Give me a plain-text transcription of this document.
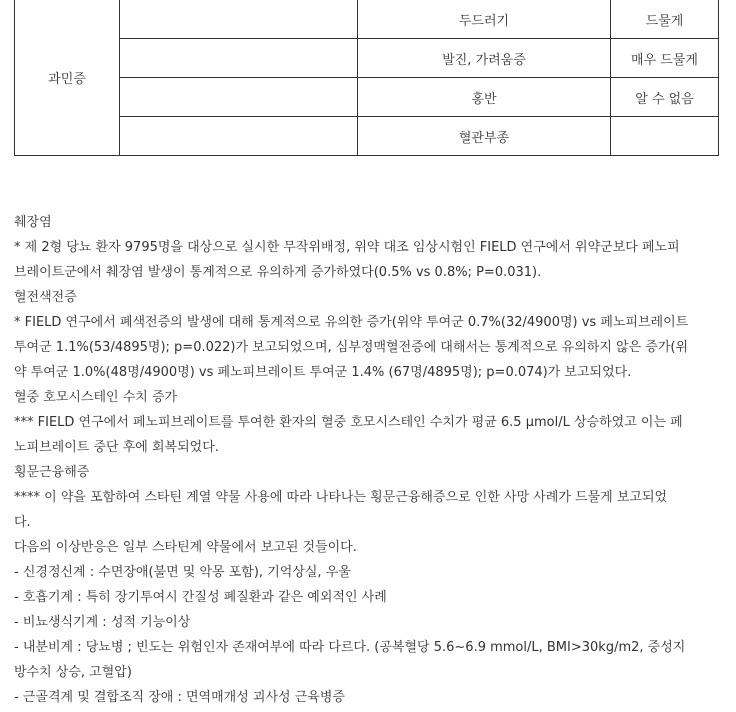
과민증		두드러기	드물게
		발진, 가려움증	매우 드물게
		홍반	알 수 없음
		혈관부종	
췌장염
* 제 2형 당뇨 환자 9795명을 대상으로 실시한 무작위배정, 위약 대조 임상시험인 FIELD 연구에서 위약군보다 페노피
브레이트군에서 췌장염 발생이 통계적으로 유의하게 증가하였다(0.5% vs 0.8%; P=0.031).
혈전색전증
* FIELD 연구에서 폐색전증의 발생에 대해 통계적으로 유의한 증가(위약 투여군 0.7%(32/4900명) vs 페노피브레이트
투여군 1.1%(53/4895명); p=0.022)가 보고되었으며, 심부정맥혈전증에 대해서는 통계적으로 유의하지 않은 증가(위
약 투여군 1.0%(48명/4900명) vs 페노피브레이트 투여군 1.4% (67명/4895명); p=0.074)가 보고되었다.
혈중 호모시스테인 수치 증가
*** FIELD 연구에서 페노피브레이트를 투여한 환자의 혈중 호모시스테인 수치가 평균 6.5 μmol/L 상승하였고 이는 페
노피브레이트 중단 후에 회복되었다.
횡문근융해증
**** 이 약을 포함하여 스타틴 계열 약물 사용에 따라 나타나는 횡문근융해증으로 인한 사망 사례가 드물게 보고되었
다.
다음의 이상반응은 일부 스타틴계 약물에서 보고된 것들이다.
- 신경정신계 : 수면장애(불면 및 악몽 포함), 기억상실, 우울
- 호흡기계 : 특히 장기투여시 간질성 폐질환과 같은 예외적인 사례
- 비뇨생식기계 : 성적 기능이상
- 내분비계 : 당뇨병 ; 빈도는 위험인자 존재여부에 따라 다르다. (공복혈당 5.6~6.9 mmol/L, BMI>30kg/m2, 중성지
방수치 상승, 고혈압)
- 근골격계 및 결합조직 장애 : 면역매개성 괴사성 근육병증
